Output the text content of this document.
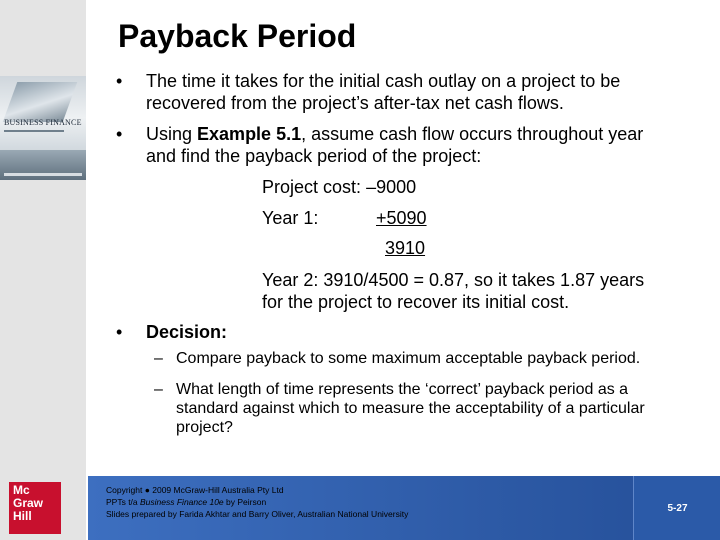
BUSINESS FINANCE
Mc
Graw
Hill
Payback Period
• The time it takes for the initial cash outlay on a project to be
recovered from the project’s after-tax net cash flows.
• Using Example 5.1, assume cash flow occurs throughout year
and find the payback period of the project:
Project cost: –9000
Year 1:	+5090
3910
Year 2: 3910/4500 = 0.87, so it takes 1.87 years
for the project to recover its initial cost.
• Decision:
– Compare payback to some maximum acceptable payback period.
– What length of time represents the ‘correct’ payback period as a
standard against which to measure the acceptability of a particular
project?
Copyright ● 2009 McGraw-Hill Australia Pty Ltd
PPTs t/a Business Finance 10e by Peirson
Slides prepared by Farida Akhtar and Barry Oliver, Australian National University
5-27
